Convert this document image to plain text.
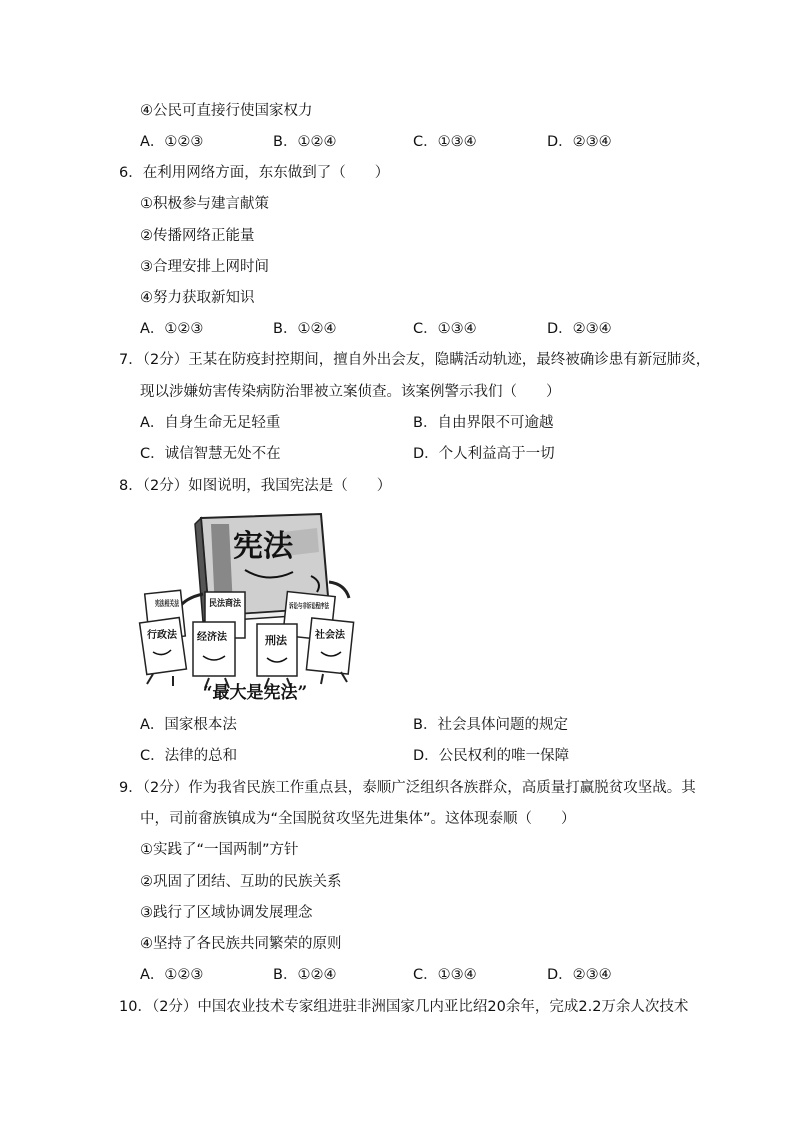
④公民可直接行使国家权力
A．①②③	B．①②④	C．①③④	D．②③④
6．在利用网络方面，东东做到了（　　）
①积极参与建言献策
②传播网络正能量
③合理安排上网时间
④努力获取新知识
A．①②③	B．①②④	C．①③④	D．②③④
7．（2分）王某在防疫封控期间，擅自外出会友，隐瞒活动轨迹，最终被确诊患有新冠肺炎，
现以涉嫌妨害传染病防治罪被立案侦查。该案例警示我们（　　）
A．自身生命无足轻重	B．自由界限不可逾越
C．诚信智慧无处不在	D．个人利益高于一切
8．（2分）如图说明，我国宪法是（　　）
宪法
宪法相关法 民法商法	诉讼与非诉讼程序法
行政法 经济法	刑法	社会法
“最大是宪法”
A．国家根本法	B．社会具体问题的规定
C．法律的总和	D．公民权利的唯一保障
9．（2分）作为我省民族工作重点县，泰顺广泛组织各族群众，高质量打赢脱贫攻坚战。其
中，司前畲族镇成为“全国脱贫攻坚先进集体”。这体现泰顺（　　）
①实践了“一国两制”方针
②巩固了团结、互助的民族关系
③践行了区域协调发展理念
④坚持了各民族共同繁荣的原则
A．①②③	B．①②④	C．①③④	D．②③④
10．（2分）中国农业技术专家组进驻非洲国家几内亚比绍20余年，完成2.2万余人次技术
